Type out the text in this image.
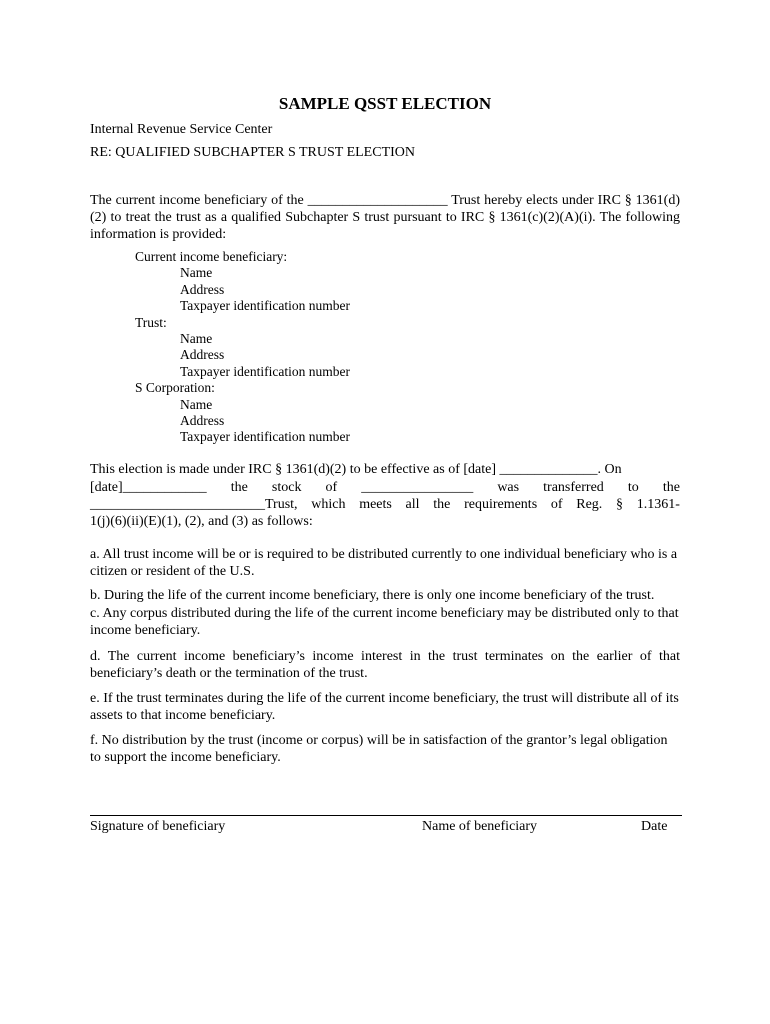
SAMPLE QSST ELECTION
Internal Revenue Service Center
RE: QUALIFIED SUBCHAPTER S TRUST ELECTION
The current income beneficiary of the ____________________ Trust hereby elects under IRC § 1361(d)(2) to treat the trust as a qualified Subchapter S trust pursuant to IRC § 1361(c)(2)(A)(i). The following information is provided:
Current income beneficiary:
Name
Address
Taxpayer identification number
Trust:
Name
Address
Taxpayer identification number
S Corporation:
Name
Address
Taxpayer identification number
This election is made under IRC § 1361(d)(2) to be effective as of [date] ______________. On
[date]____________ the stock of ________________ was transferred to the
_________________________Trust, which meets all the requirements of Reg. § 1.1361-
1(j)(6)(ii)(E)(1), (2), and (3) as follows:
a. All trust income will be or is required to be distributed currently to one individual beneficiary who is a citizen or resident of the U.S.
b. During the life of the current income beneficiary, there is only one income beneficiary of the trust.
c. Any corpus distributed during the life of the current income beneficiary may be distributed only to that income beneficiary.
d. The current income beneficiary’s income interest in the trust terminates on the earlier of that beneficiary’s death or the termination of the trust.
e. If the trust terminates during the life of the current income beneficiary, the trust will distribute all of its assets to that income beneficiary.
f. No distribution by the trust (income or corpus) will be in satisfaction of the grantor’s legal obligation to support the income beneficiary.
Signature of beneficiary	Name of beneficiary	Date
